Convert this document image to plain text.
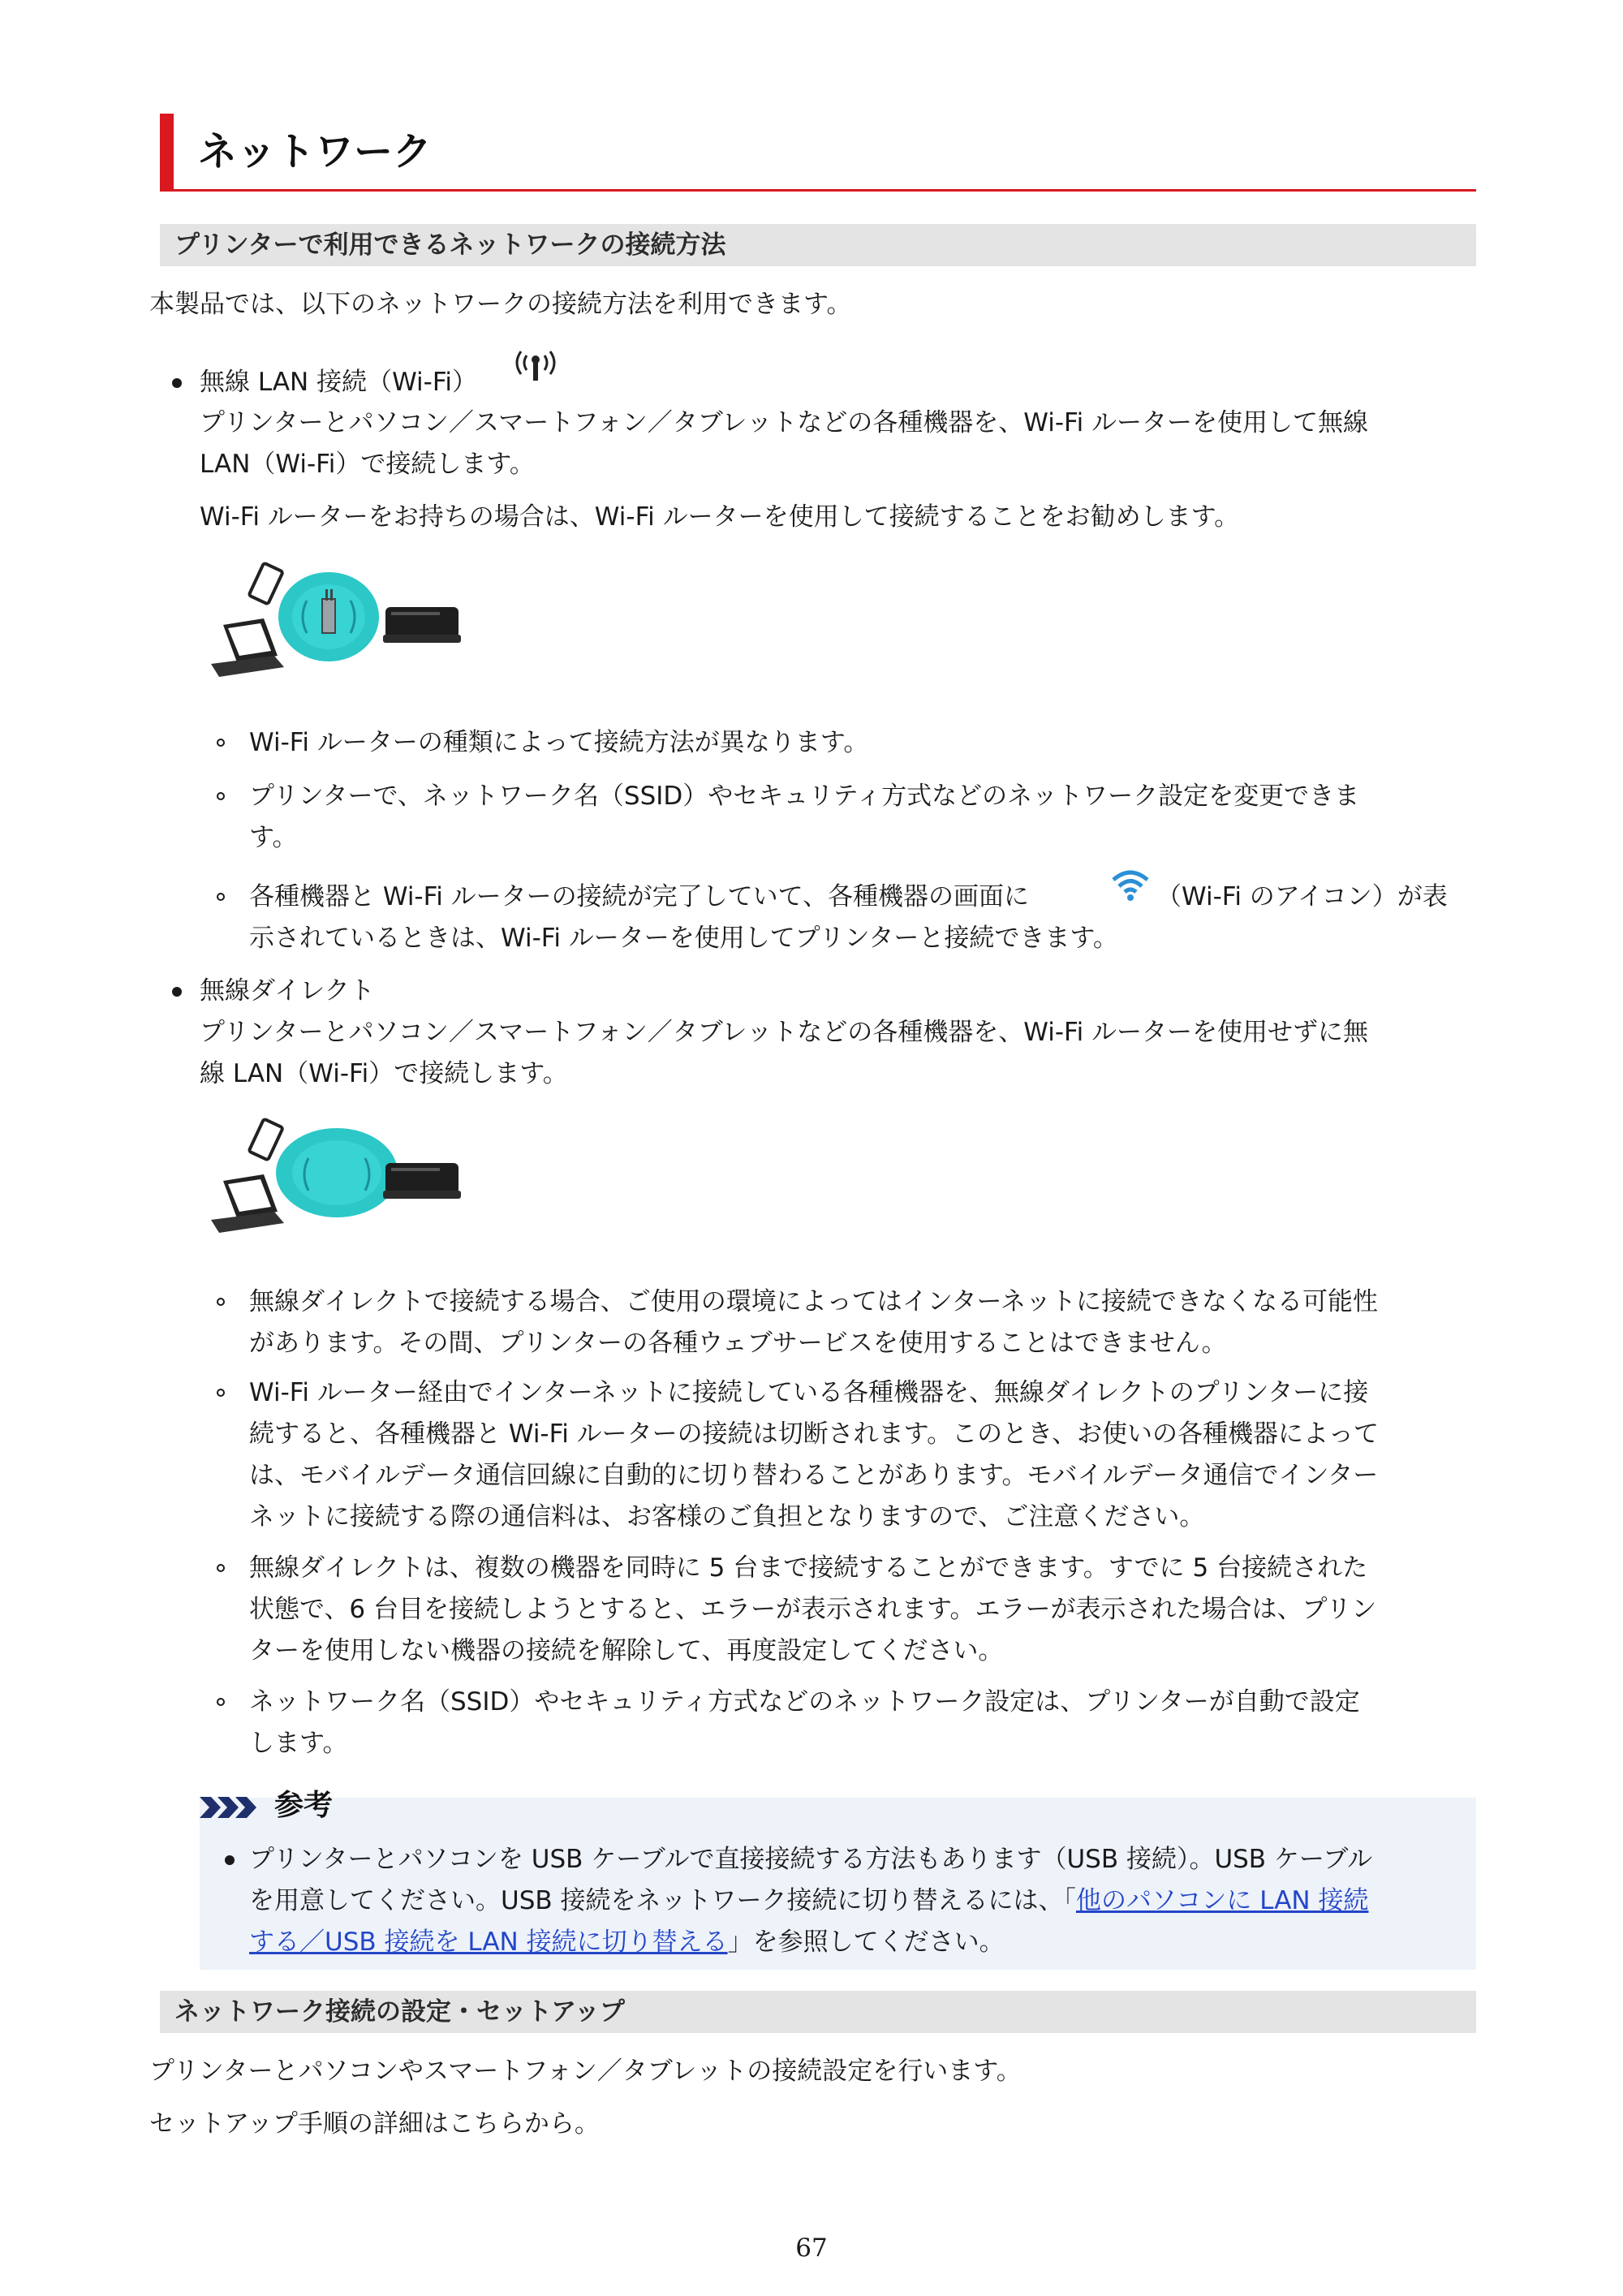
ネットワーク
プリンターで利用できるネットワークの接続方法

本製品では、以下のネットワークの接続方法を利用できます。

無線 LAN 接続（Wi-Fi）

プリンターとパソコン／スマートフォン／タブレットなどの各種機器を、Wi-Fi ルーターを使用して無線

LAN（Wi-Fi）で接続します。

Wi-Fi ルーターをお持ちの場合は、Wi-Fi ルーターを使用して接続することをお勧めします。

Wi-Fi ルーターの種類によって接続方法が異なります。

プリンターで、ネットワーク名（SSID）やセキュリティ方式などのネットワーク設定を変更できま

す。

各種機器と Wi-Fi ルーターの接続が完了していて、各種機器の画面に	（Wi-Fi のアイコン）が表

示されているときは、Wi-Fi ルーターを使用してプリンターと接続できます。

無線ダイレクト

プリンターとパソコン／スマートフォン／タブレットなどの各種機器を、Wi-Fi ルーターを使用せずに無

線 LAN（Wi-Fi）で接続します。

無線ダイレクトで接続する場合、ご使用の環境によってはインターネットに接続できなくなる可能性

があります。その間、プリンターの各種ウェブサービスを使用することはできません。

Wi-Fi ルーター経由でインターネットに接続している各種機器を、無線ダイレクトのプリンターに接

続すると、各種機器と Wi-Fi ルーターの接続は切断されます。このとき、お使いの各種機器によって

は、モバイルデータ通信回線に自動的に切り替わることがあります。モバイルデータ通信でインター

ネットに接続する際の通信料は、お客様のご負担となりますので、ご注意ください。

無線ダイレクトは、複数の機器を同時に 5 台まで接続することができます。すでに 5 台接続された

状態で、6 台目を接続しようとすると、エラーが表示されます。エラーが表示された場合は、プリン

ターを使用しない機器の接続を解除して、再度設定してください。

ネットワーク名（SSID）やセキュリティ方式などのネットワーク設定は、プリンターが自動で設定

します。

参考

プリンターとパソコンを USB ケーブルで直接接続する方法もあります（USB 接続）。USB ケーブル

を用意してください。USB 接続をネットワーク接続に切り替えるには、「他のパソコンに LAN 接続

する／USB 接続を LAN 接続に切り替える」を参照してください。

ネットワーク接続の設定・セットアップ

プリンターとパソコンやスマートフォン／タブレットの接続設定を行います。

セットアップ手順の詳細はこちらから。

67
